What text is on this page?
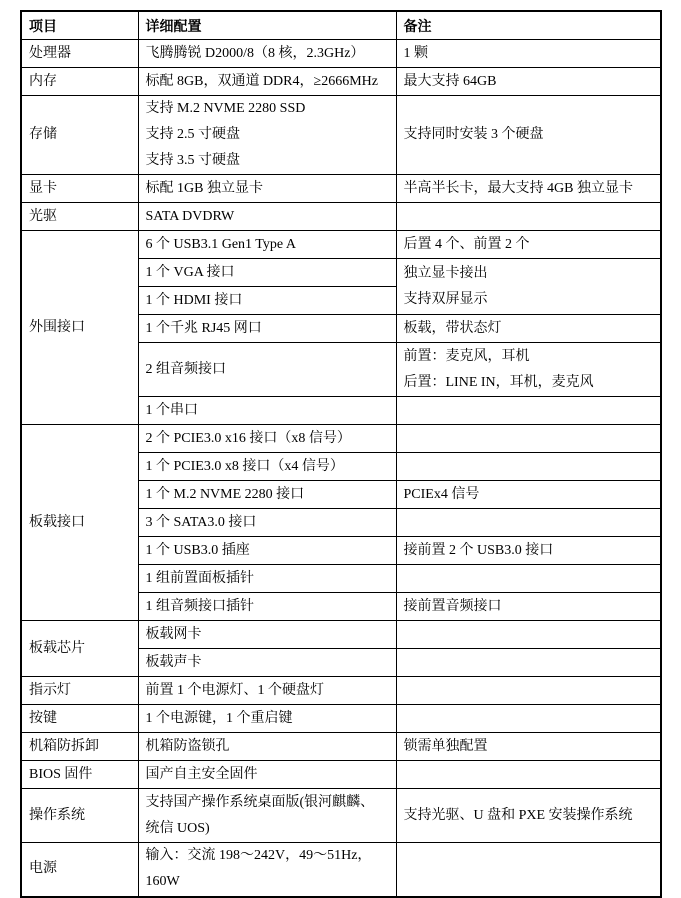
项目	详细配置	备注

处理器	飞腾腾锐 D2000/8（8 核，2.3GHz）	1 颗

内存	标配 8GB，双通道 DDR4，≥2666MHz	最大支持 64GB

存储	支持 M.2 NVME 2280 SSD
支持 2.5 寸硬盘
支持 3.5 寸硬盘	支持同时安装 3 个硬盘

显卡	标配 1GB 独立显卡	半高半长卡，最大支持 4GB 独立显卡

光驱	SATA DVDRW	

外围接口	6 个 USB3.1 Gen1 Type A	后置 4 个、前置 2 个

	1 个 VGA 接口	独立显卡接出
支持双屏显示

	1 个 HDMI 接口	

	1 个千兆 RJ45 网口	板载，带状态灯

	2 组音频接口	前置：麦克风，耳机
后置：LINE IN，耳机，麦克风

	1 个串口	

板载接口	2 个 PCIE3.0 x16 接口（x8 信号）	

	1 个 PCIE3.0 x8 接口（x4 信号）	

	1 个 M.2 NVME 2280 接口	PCIEx4 信号

	3 个 SATA3.0 接口	

	1 个 USB3.0 插座	接前置 2 个 USB3.0 接口

	1 组前置面板插针	

	1 组音频接口插针	接前置音频接口

板载芯片	板载网卡	

	板载声卡	

指示灯	前置 1 个电源灯、1 个硬盘灯	

按键	1 个电源键，1 个重启键	

机箱防拆卸	机箱防盗锁孔	锁需单独配置

BIOS 固件	国产自主安全固件	

操作系统	支持国产操作系统桌面版(银河麒麟、
统信 UOS)	支持光驱、U 盘和 PXE 安装操作系统

电源	输入：交流 198～242V，49～51Hz，
160W	
